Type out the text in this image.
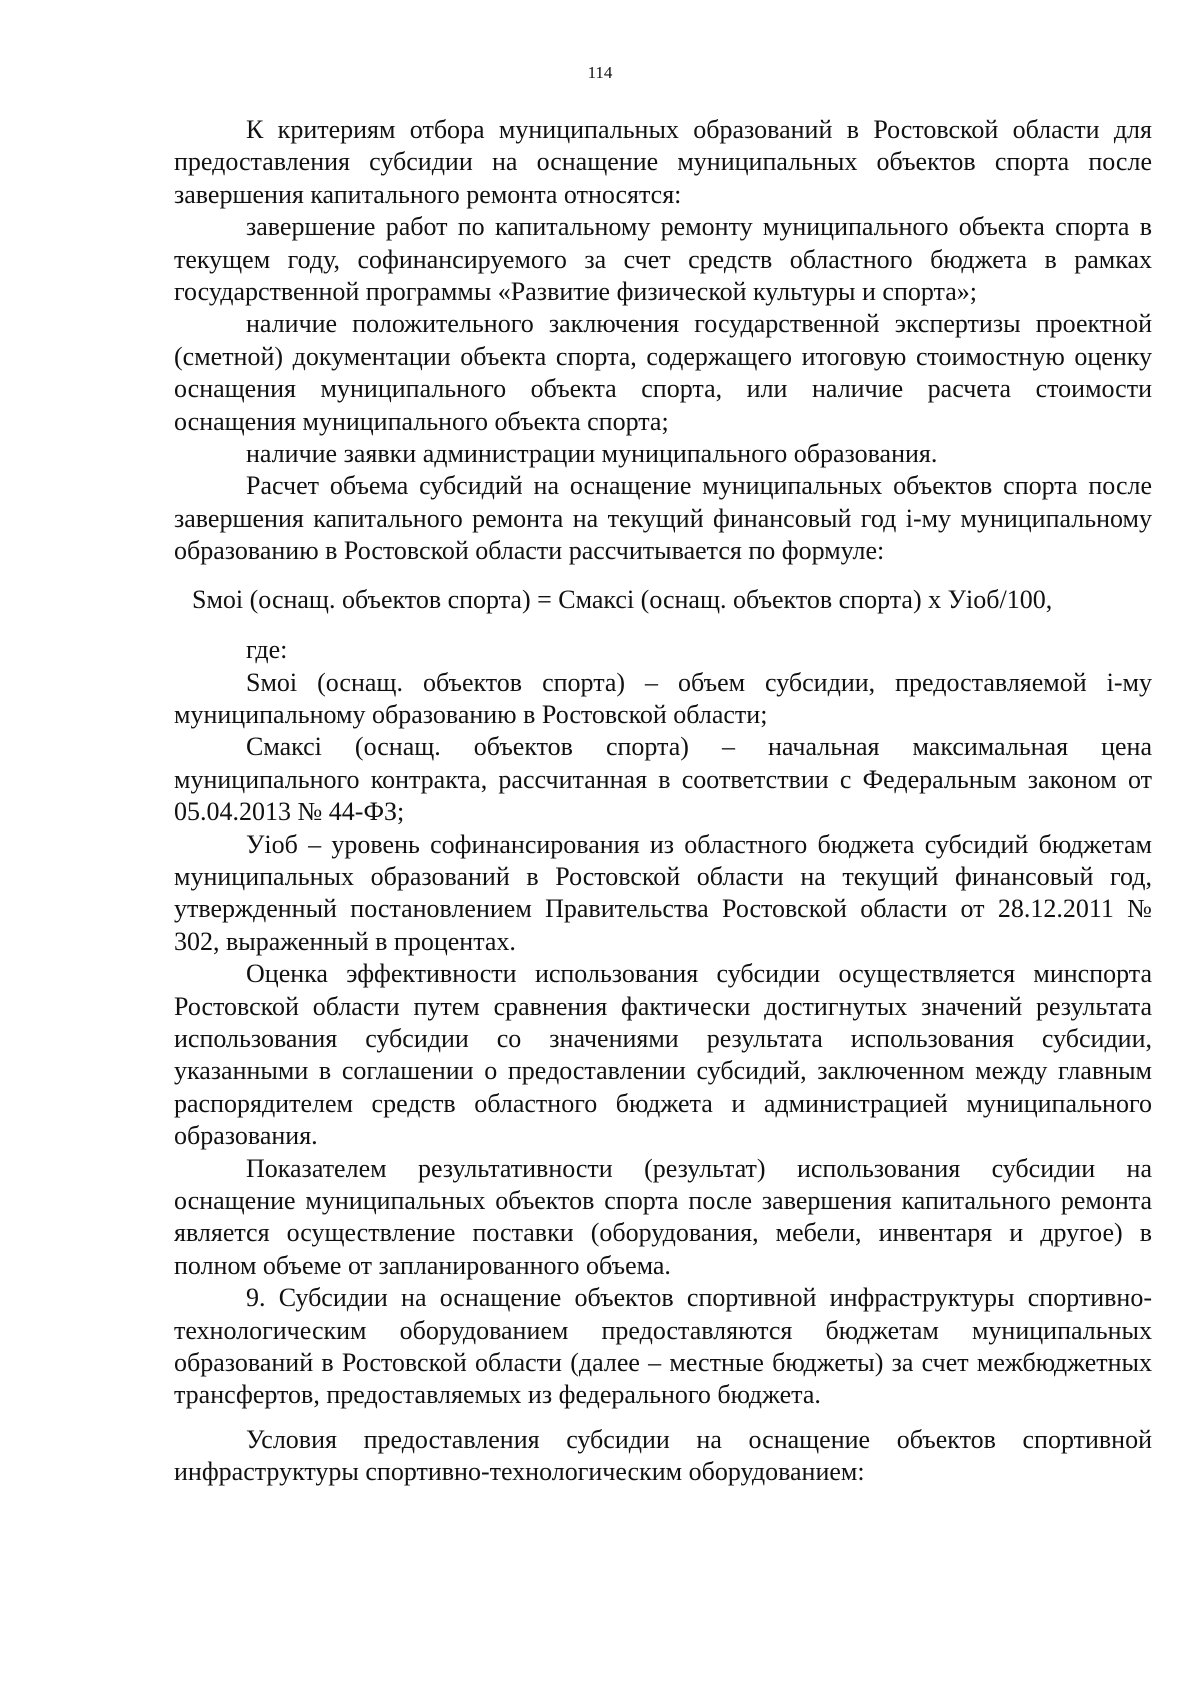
114

К критериям отбора муниципальных образований в Ростовской области для предоставления субсидии на оснащение муниципальных объектов спорта после завершения капитального ремонта относятся:

завершение работ по капитальному ремонту муниципального объекта спорта в текущем году, софинансируемого за счет средств областного бюджета в рамках государственной программы «Развитие физической культуры и спорта»;

наличие положительного заключения государственной экспертизы проектной (сметной) документации объекта спорта, содержащего итоговую стоимостную оценку оснащения муниципального объекта спорта, или наличие расчета стоимости оснащения муниципального объекта спорта;

наличие заявки администрации муниципального образования.

Расчет объема субсидий на оснащение муниципальных объектов спорта после завершения капитального ремонта на текущий финансовый год i-му муниципальному образованию в Ростовской области рассчитывается по формуле:

Sмоi (оснащ. объектов спорта) = Смаксi (оснащ. объектов спорта) х Уiоб/100,

где:

Sмоi (оснащ. объектов спорта) – объем субсидии, предоставляемой i-му муниципальному образованию в Ростовской области;

Смаксi (оснащ. объектов спорта) – начальная максимальная цена муниципального контракта, рассчитанная в соответствии с Федеральным законом от 05.04.2013 № 44-ФЗ;

Уiоб – уровень софинансирования из областного бюджета субсидий бюджетам муниципальных образований в Ростовской области на текущий финансовый год, утвержденный постановлением Правительства Ростовской области от 28.12.2011 № 302, выраженный в процентах.

Оценка эффективности использования субсидии осуществляется минспорта Ростовской области путем сравнения фактически достигнутых значений результата использования субсидии со значениями результата использования субсидии, указанными в соглашении о предоставлении субсидий, заключенном между главным распорядителем средств областного бюджета и администрацией муниципального образования.

Показателем результативности (результат) использования субсидии на оснащение муниципальных объектов спорта после завершения капитального ремонта является осуществление поставки (оборудования, мебели, инвентаря и другое) в полном объеме от запланированного объема.

9. Субсидии на оснащение объектов спортивной инфраструктуры спортивно-технологическим оборудованием предоставляются бюджетам муниципальных образований в Ростовской области (далее – местные бюджеты) за счет межбюджетных трансфертов, предоставляемых из федерального бюджета.

Условия предоставления субсидии на оснащение объектов спортивной инфраструктуры спортивно-технологическим оборудованием:
